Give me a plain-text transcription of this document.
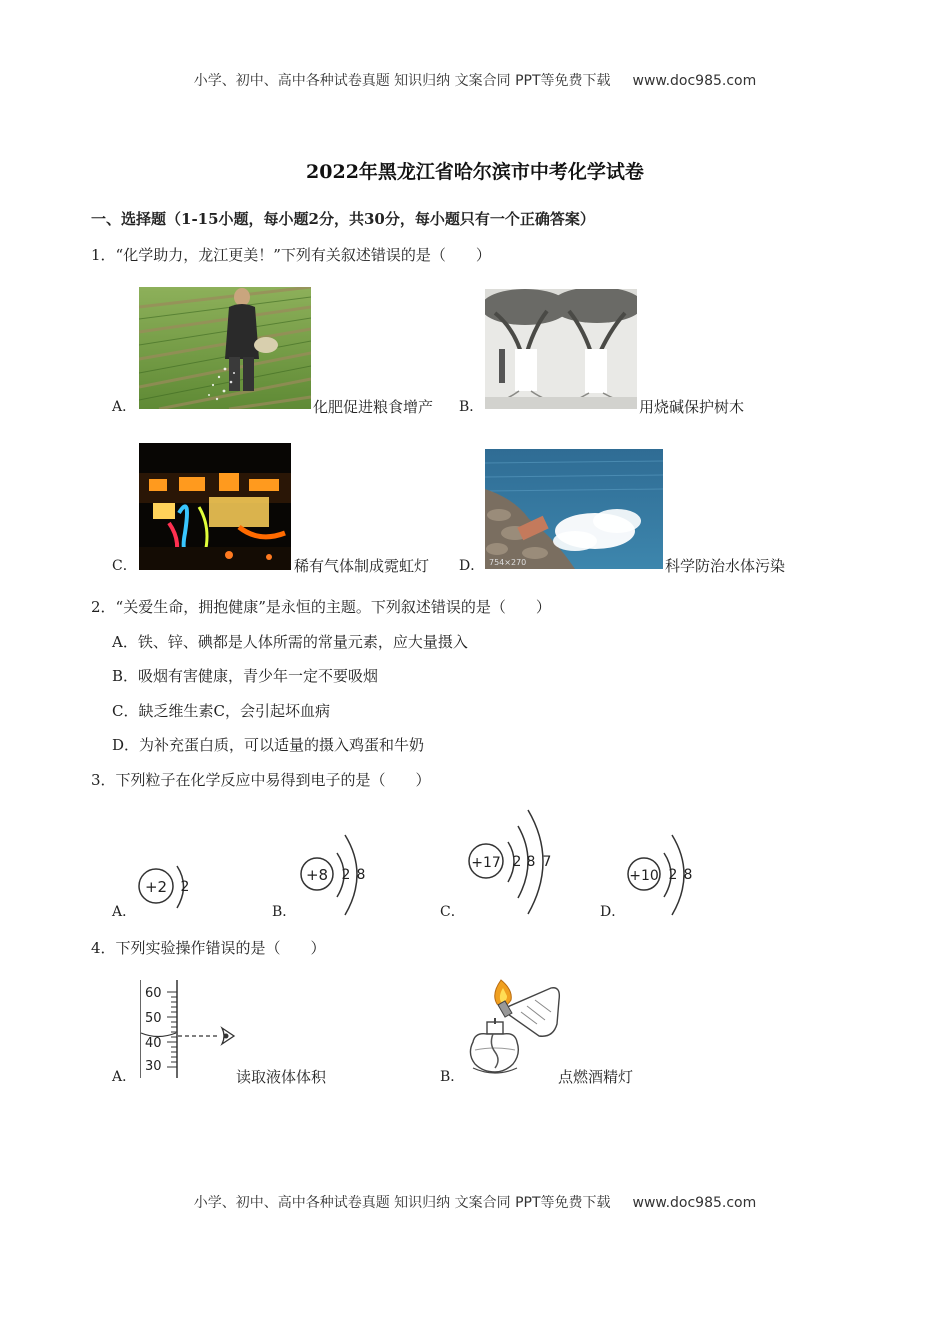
小学、初中、高中各种试卷真题 知识归纳 文案合同 PPT等免费下载 www.doc985.com
2022年黑龙江省哈尔滨市中考化学试卷
一、选择题（1-15小题，每小题2分，共30分，每小题只有一个正确答案）
1．“化学助力，龙江更美！”下列有关叙述错误的是（　　）
A．	化肥促进粮食增产 B．	用烧碱保护树木
C．	稀有气体制成霓虹灯 D． 754×270	科学防治水体污染
2．“关爱生命，拥抱健康”是永恒的主题。下列叙述错误的是（　　）
A．铁、锌、碘都是人体所需的常量元素，应大量摄入
B．吸烟有害健康，青少年一定不要吸烟
C．缺乏维生素C，会引起坏血病
D．为补充蛋白质，可以适量的摄入鸡蛋和牛奶
3．下列粒子在化学反应中易得到电子的是（　　）
A．	B．	C．	D．
+2 2
+8 2 8
+17 2 8 7
+10 2 8
4．下列实验操作错误的是（　　）
A．
60
50
40
30
读取液体体积	B．	点燃酒精灯
小学、初中、高中各种试卷真题 知识归纳 文案合同 PPT等免费下载 www.doc985.com
